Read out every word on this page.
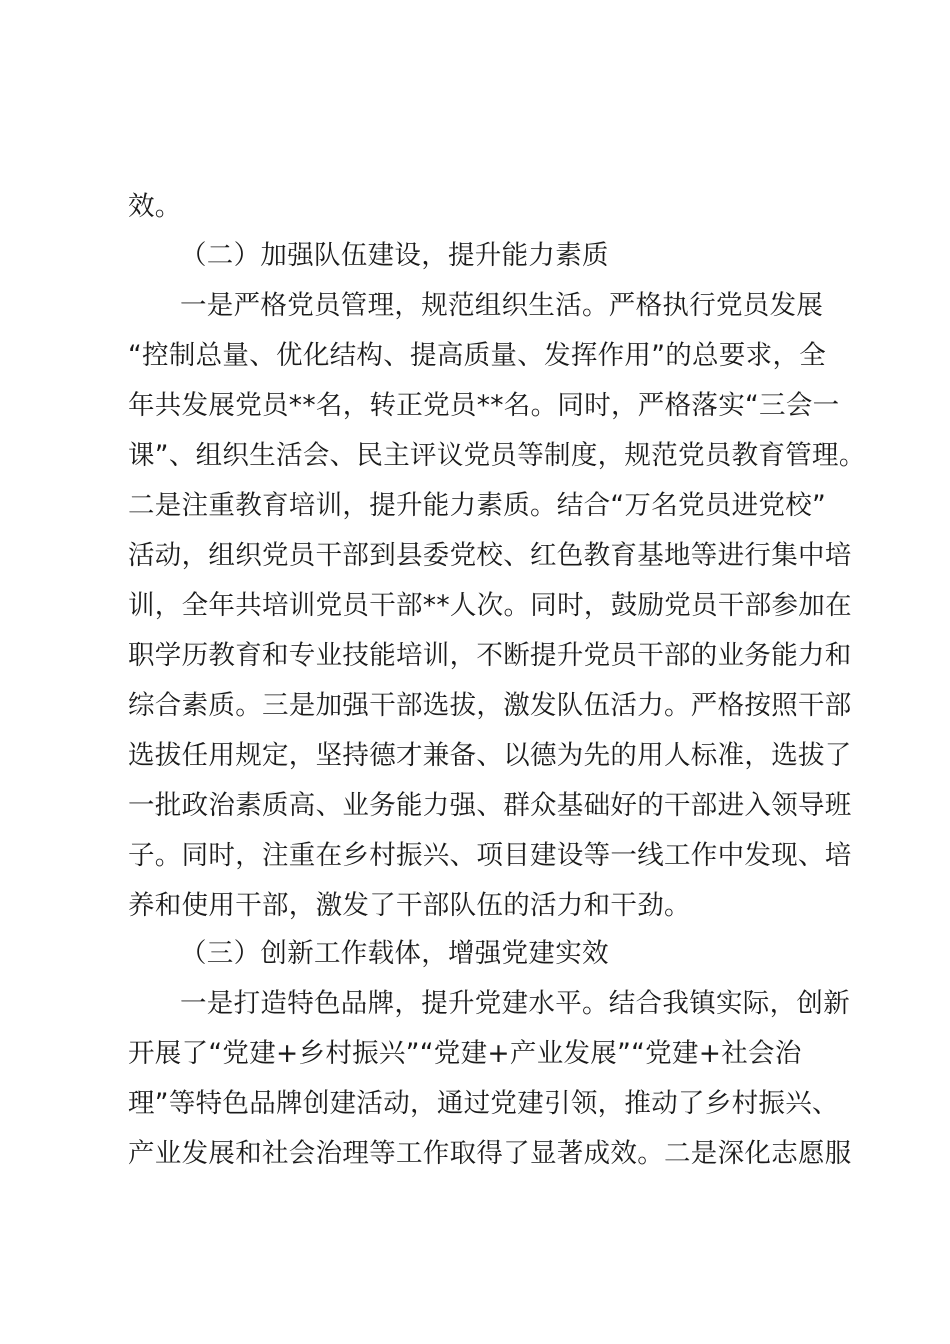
效。
（二）加强队伍建设，提升能力素质
一是严格党员管理，规范组织生活。严格执行党员发展
“控制总量、优化结构、提高质量、发挥作用”的总要求，全
年共发展党员**名，转正党员**名。同时，严格落实“三会一
课”、组织生活会、民主评议党员等制度，规范党员教育管理。
二是注重教育培训，提升能力素质。结合“万名党员进党校”
活动，组织党员干部到县委党校、红色教育基地等进行集中培
训，全年共培训党员干部**人次。同时，鼓励党员干部参加在
职学历教育和专业技能培训，不断提升党员干部的业务能力和
综合素质。三是加强干部选拔，激发队伍活力。严格按照干部
选拔任用规定，坚持德才兼备、以德为先的用人标准，选拔了
一批政治素质高、业务能力强、群众基础好的干部进入领导班
子。同时，注重在乡村振兴、项目建设等一线工作中发现、培
养和使用干部，激发了干部队伍的活力和干劲。
（三）创新工作载体，增强党建实效
一是打造特色品牌，提升党建水平。结合我镇实际，创新
开展了“党建+乡村振兴”“党建+产业发展”“党建+社会治
理”等特色品牌创建活动，通过党建引领，推动了乡村振兴、
产业发展和社会治理等工作取得了显著成效。二是深化志愿服
